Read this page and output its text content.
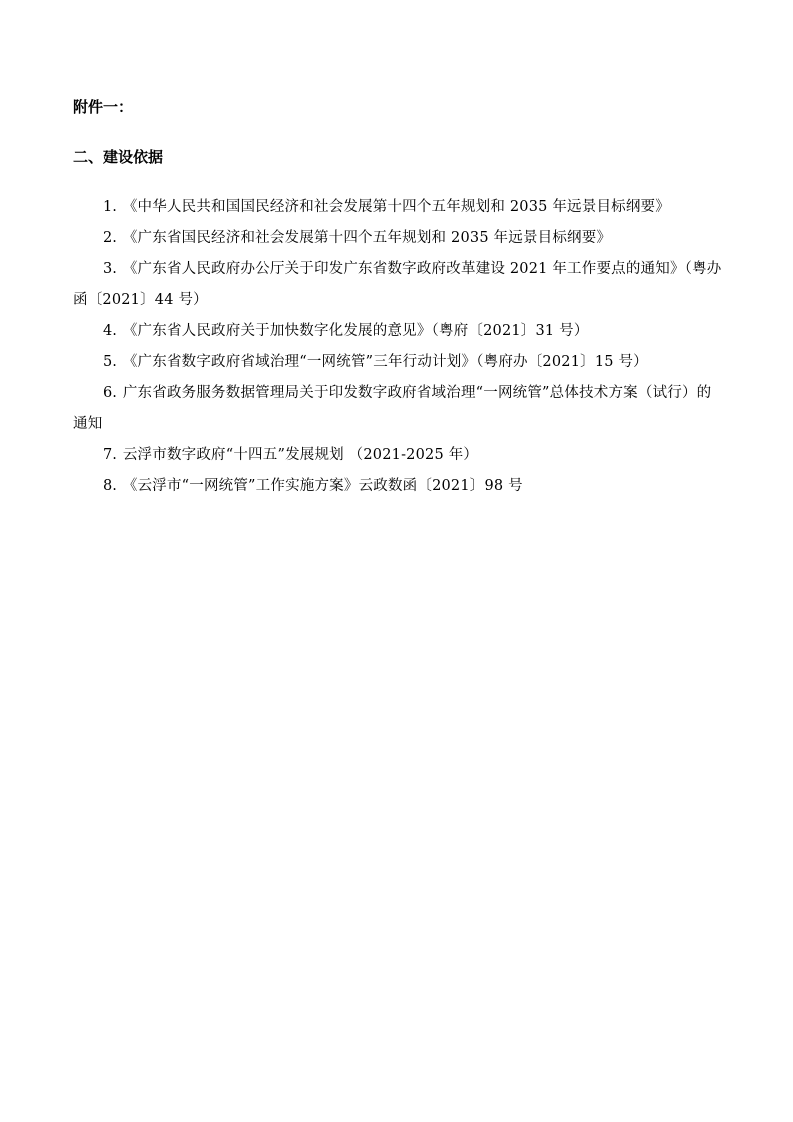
附件一：
二、建设依据
1. 《中华人民共和国国民经济和社会发展第十四个五年规划和 2035 年远景目标纲要》
2. 《广东省国民经济和社会发展第十四个五年规划和 2035 年远景目标纲要》
3. 《广东省人民政府办公厅关于印发广东省数字政府改革建设 2021 年工作要点的通知》（粤办函〔2021〕44 号）
4. 《广东省人民政府关于加快数字化发展的意见》（粤府〔2021〕31 号）
5. 《广东省数字政府省域治理“一网统管”三年行动计划》（粤府办〔2021〕15 号）
6. 广东省政务服务数据管理局关于印发数字政府省域治理“一网统管”总体技术方案（试行）的通知
7. 云浮市数字政府“十四五”发展规划 （2021-2025 年）
8. 《云浮市“一网统管”工作实施方案》云政数函〔2021〕98 号
